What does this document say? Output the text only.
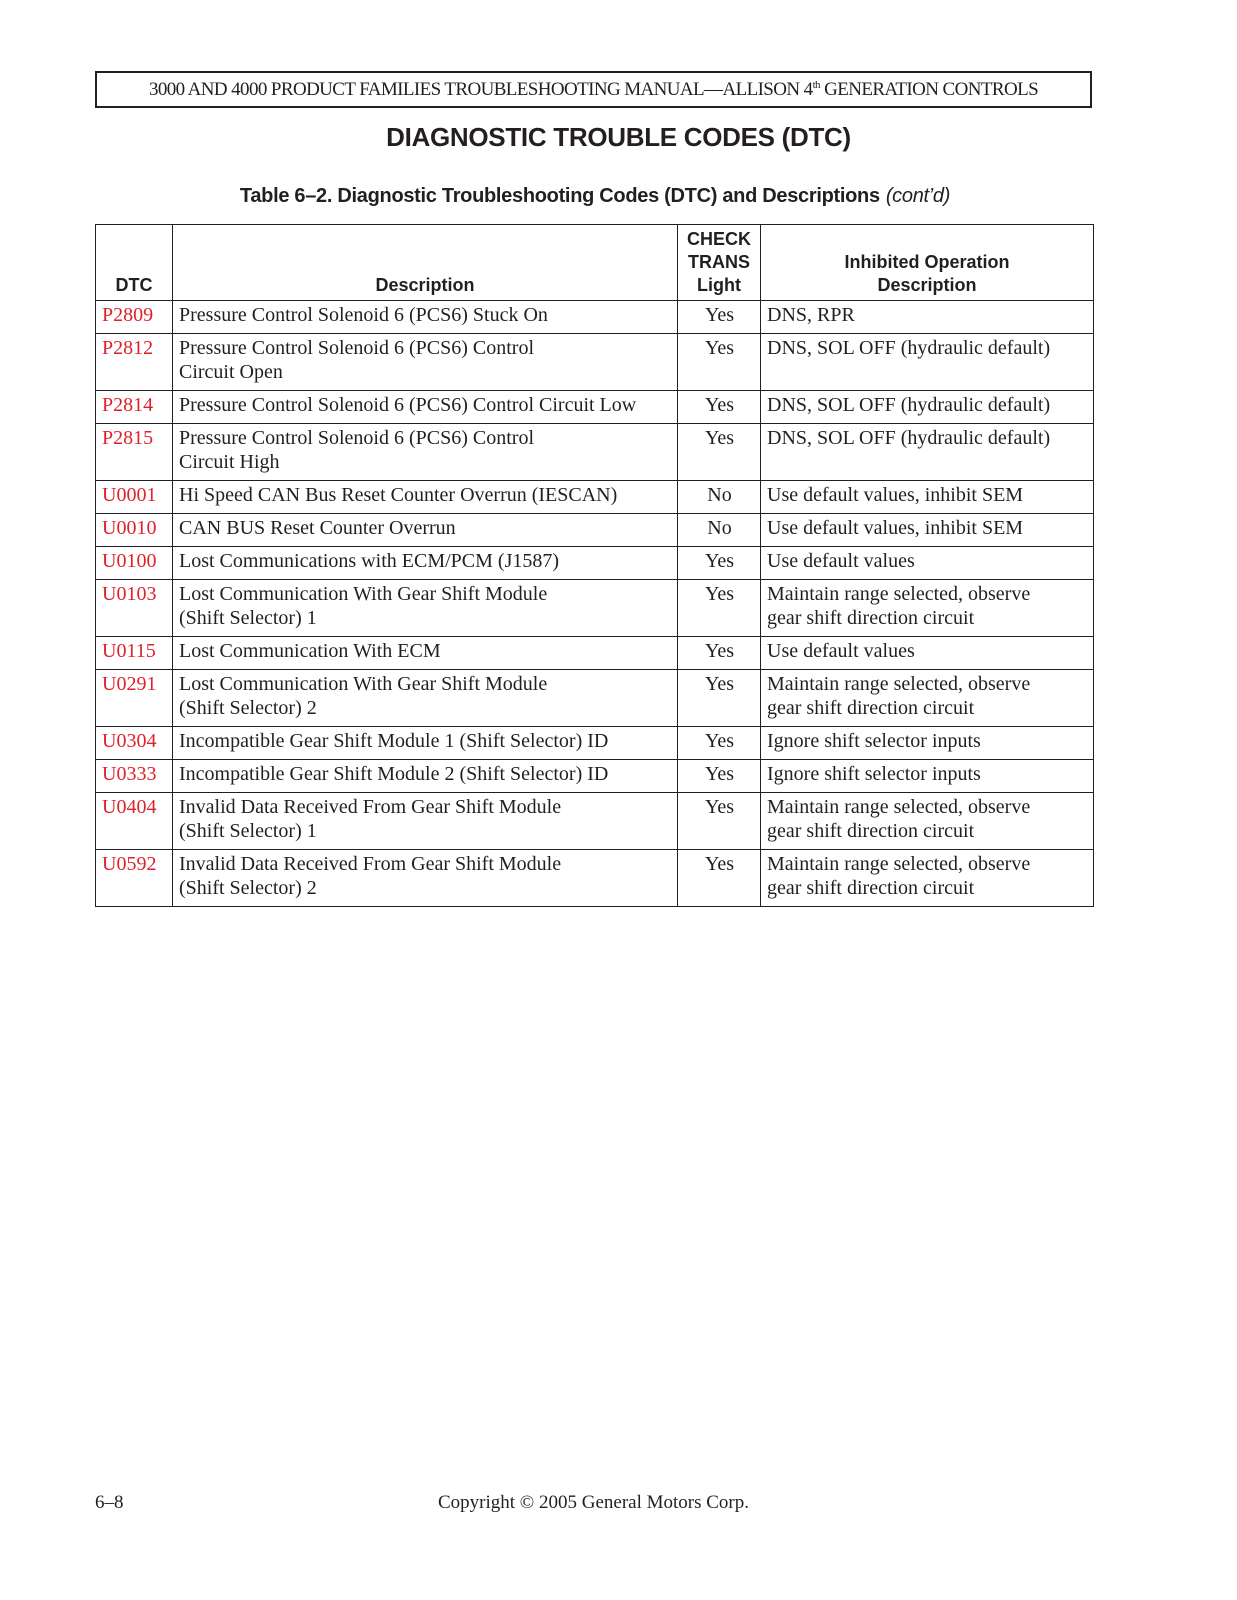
3000 AND 4000 PRODUCT FAMILIES TROUBLESHOOTING MANUAL—ALLISON 4th GENERATION CONTROLS
DIAGNOSTIC TROUBLE CODES (DTC)
Table 6–2. Diagnostic Troubleshooting Codes (DTC) and Descriptions (cont’d)
DTC	Description	CHECK
TRANS
Light	Inhibited Operation
Description
P2809	Pressure Control Solenoid 6 (PCS6) Stuck On	Yes	DNS, RPR
P2812	Pressure Control Solenoid 6 (PCS6) Control
Circuit Open	Yes	DNS, SOL OFF (hydraulic default)
P2814	Pressure Control Solenoid 6 (PCS6) Control Circuit Low	Yes	DNS, SOL OFF (hydraulic default)
P2815	Pressure Control Solenoid 6 (PCS6) Control
Circuit High	Yes	DNS, SOL OFF (hydraulic default)
U0001	Hi Speed CAN Bus Reset Counter Overrun (IESCAN)	No	Use default values, inhibit SEM
U0010	CAN BUS Reset Counter Overrun	No	Use default values, inhibit SEM
U0100	Lost Communications with ECM/PCM (J1587)	Yes	Use default values
U0103	Lost Communication With Gear Shift Module
(Shift Selector) 1	Yes	Maintain range selected, observe
gear shift direction circuit
U0115	Lost Communication With ECM	Yes	Use default values
U0291	Lost Communication With Gear Shift Module
(Shift Selector) 2	Yes	Maintain range selected, observe
gear shift direction circuit
U0304	Incompatible Gear Shift Module 1 (Shift Selector) ID	Yes	Ignore shift selector inputs
U0333	Incompatible Gear Shift Module 2 (Shift Selector) ID	Yes	Ignore shift selector inputs
U0404	Invalid Data Received From Gear Shift Module
(Shift Selector) 1	Yes	Maintain range selected, observe
gear shift direction circuit
U0592	Invalid Data Received From Gear Shift Module
(Shift Selector) 2	Yes	Maintain range selected, observe
gear shift direction circuit
6–8	Copyright © 2005 General Motors Corp.
